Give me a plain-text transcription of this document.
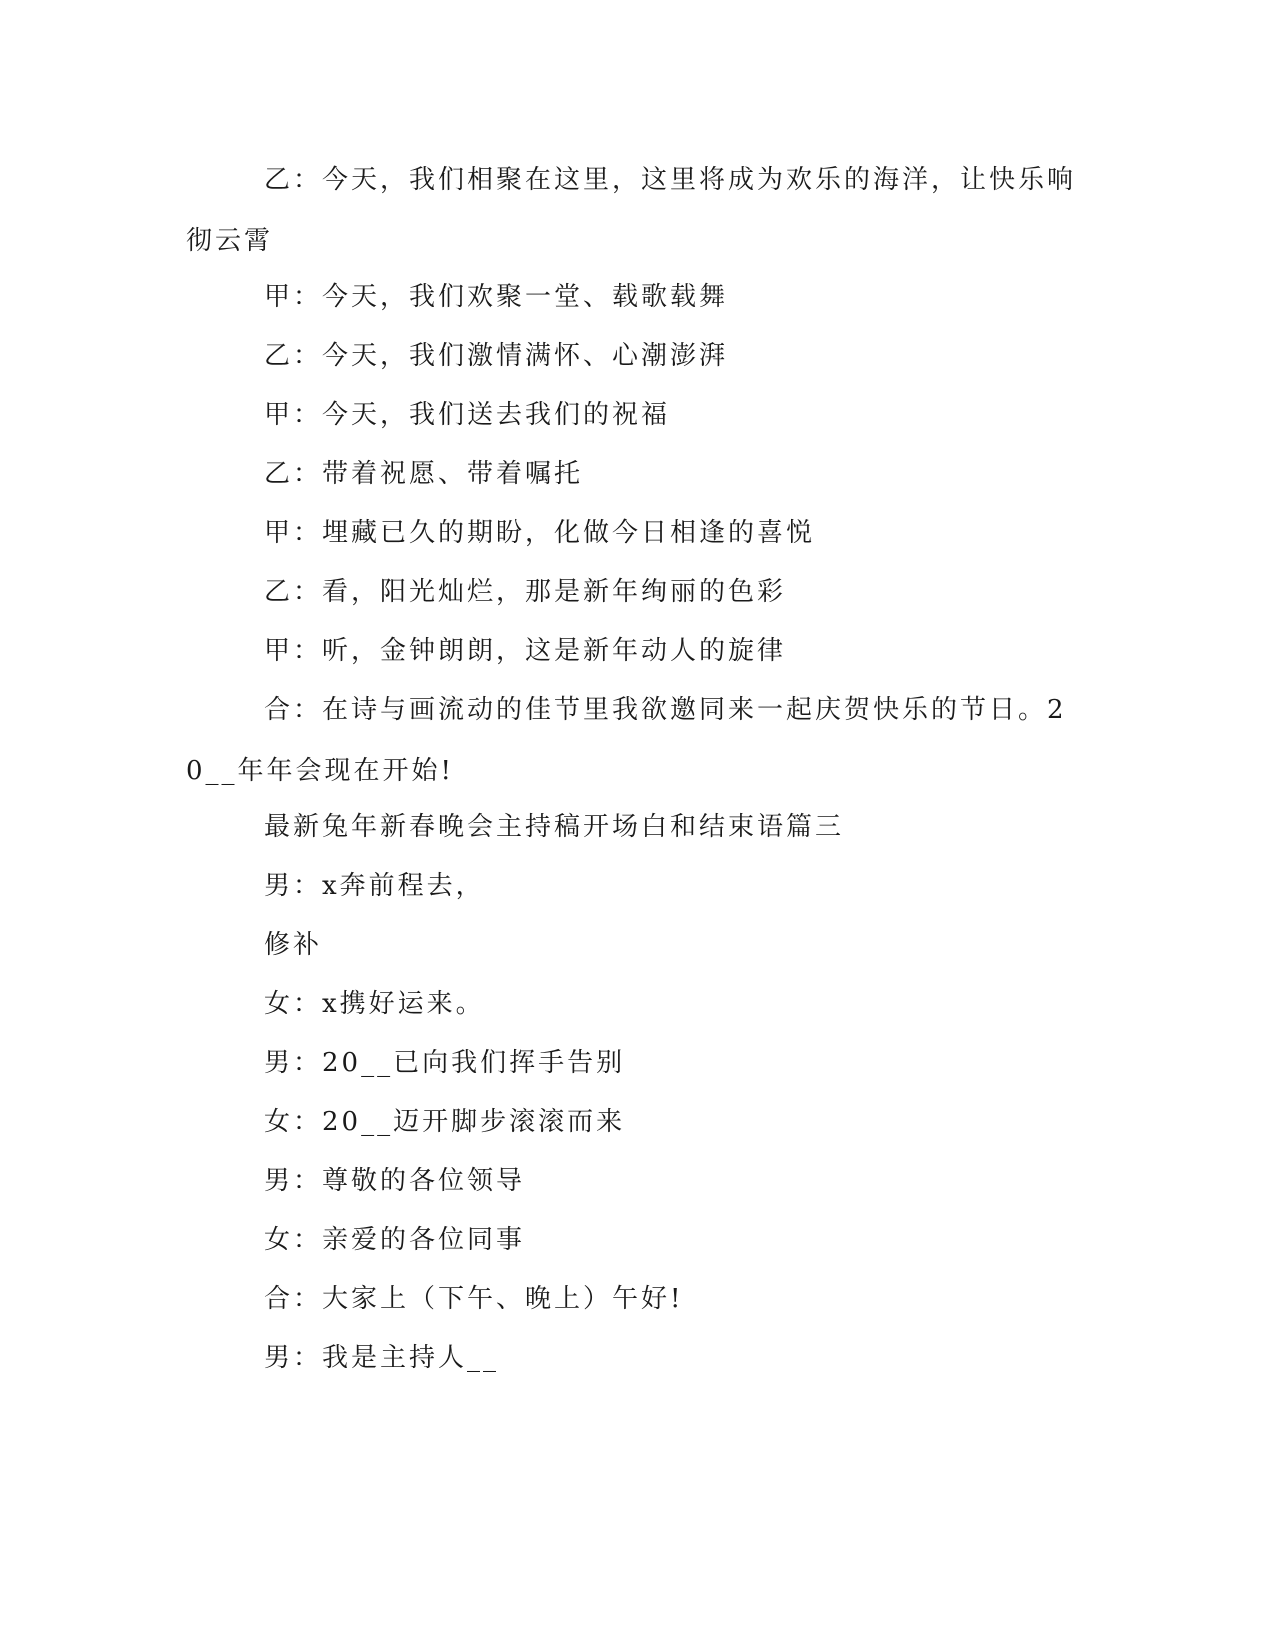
乙：今天，我们相聚在这里，这里将成为欢乐的海洋，让快乐响彻云霄

甲：今天，我们欢聚一堂、载歌载舞

乙：今天，我们激情满怀、心潮澎湃

甲：今天，我们送去我们的祝福

乙：带着祝愿、带着嘱托

甲：埋藏已久的期盼，化做今日相逢的喜悦

乙：看，阳光灿烂，那是新年绚丽的色彩

甲：听，金钟朗朗，这是新年动人的旋律

合：在诗与画流动的佳节里我欲邀同来一起庆贺快乐的节日。20__年年会现在开始!

最新兔年新春晚会主持稿开场白和结束语篇三

男：x奔前程去，

修补

女：x携好运来。

男：20__已向我们挥手告别

女：20__迈开脚步滚滚而来

男：尊敬的各位领导

女：亲爱的各位同事

合：大家上（下午、晚上）午好!

男：我是主持人__
